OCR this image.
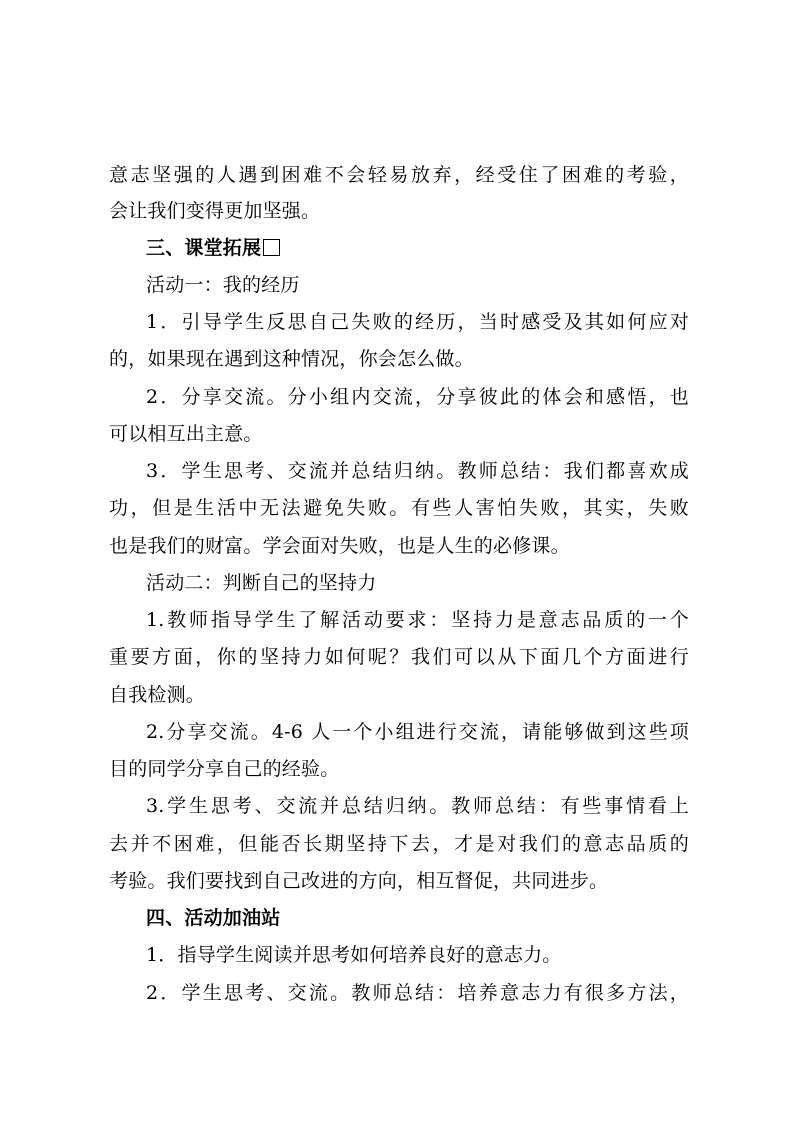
意志坚强的人遇到困难不会轻易放弃，经受住了困难的考验，
会让我们变得更加坚强。
三、课堂拓展
活动一：我的经历
1．引导学生反思自己失败的经历，当时感受及其如何应对
的，如果现在遇到这种情况，你会怎么做。
2．分享交流。分小组内交流，分享彼此的体会和感悟，也
可以相互出主意。
3．学生思考、交流并总结归纳。教师总结：我们都喜欢成
功，但是生活中无法避免失败。有些人害怕失败，其实，失败
也是我们的财富。学会面对失败，也是人生的必修课。
活动二：判断自己的坚持力
1.教师指导学生了解活动要求：坚持力是意志品质的一个
重要方面，你的坚持力如何呢？我们可以从下面几个方面进行
自我检测。
2.分享交流。4-6 人一个小组进行交流，请能够做到这些项
目的同学分享自己的经验。
3.学生思考、交流并总结归纳。教师总结：有些事情看上
去并不困难，但能否长期坚持下去，才是对我们的意志品质的
考验。我们要找到自己改进的方向，相互督促，共同进步。
四、活动加油站
1．指导学生阅读并思考如何培养良好的意志力。
2．学生思考、交流。教师总结：培养意志力有很多方法，
